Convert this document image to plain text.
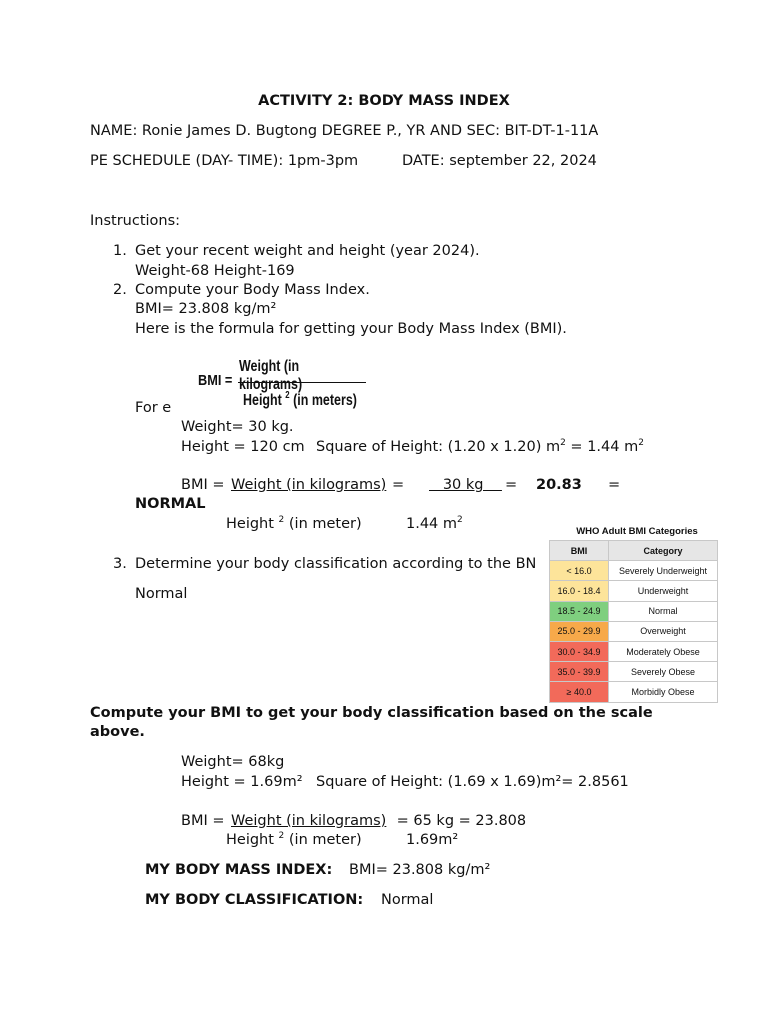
ACTIVITY 2: BODY MASS INDEX
NAME: Ronie James D. Bugtong DEGREE P., YR AND SEC: BIT-DT-1-11A
PE SCHEDULE (DAY- TIME): 1pm-3pm	DATE: september 22, 2024
Instructions:
1. Get your recent weight and height (year 2024).
Weight-68 Height-169
2. Compute your Body Mass Index.
BMI= 23.808 kg/m²
Here is the formula for getting your Body Mass Index (BMI).
BMI =
Weight (in kilograms)
Height $^2$ (in meters)
For e
Weight= 30 kg.
Height = 120 cm Square of Height: (1.20 x 1.20) $m^2 = 1.44$ $m^2$
BMI = Weight (in kilograms) = 30 kg = 20.83 =
NORMAL
Height $^2$ (in meter)	1.44 $m^2$
3. Determine your body classification according to the BN
Normal
WHO Adult BMI Categories
BMI	Category
< 16.0	Severely Underweight
16.0 - 18.4	Underweight
18.5 - 24.9	Normal
25.0 - 29.9	Overweight
30.0 - 34.9	Moderately Obese
35.0 - 39.9	Severely Obese
≥ 40.0	Morbidly Obese
Compute your BMI to get your body classification based on the scale
above.
Weight= 68kg
Height = 1.69m² Square of Height: (1.69 x 1.69)m²= 2.8561
BMI = Weight (in kilograms) = 65 kg = 23.808
Height $^2$ (in meter)	1.69m²
MY BODY MASS INDEX: BMI= 23.808 kg/m²
MY BODY CLASSIFICATION: Normal
